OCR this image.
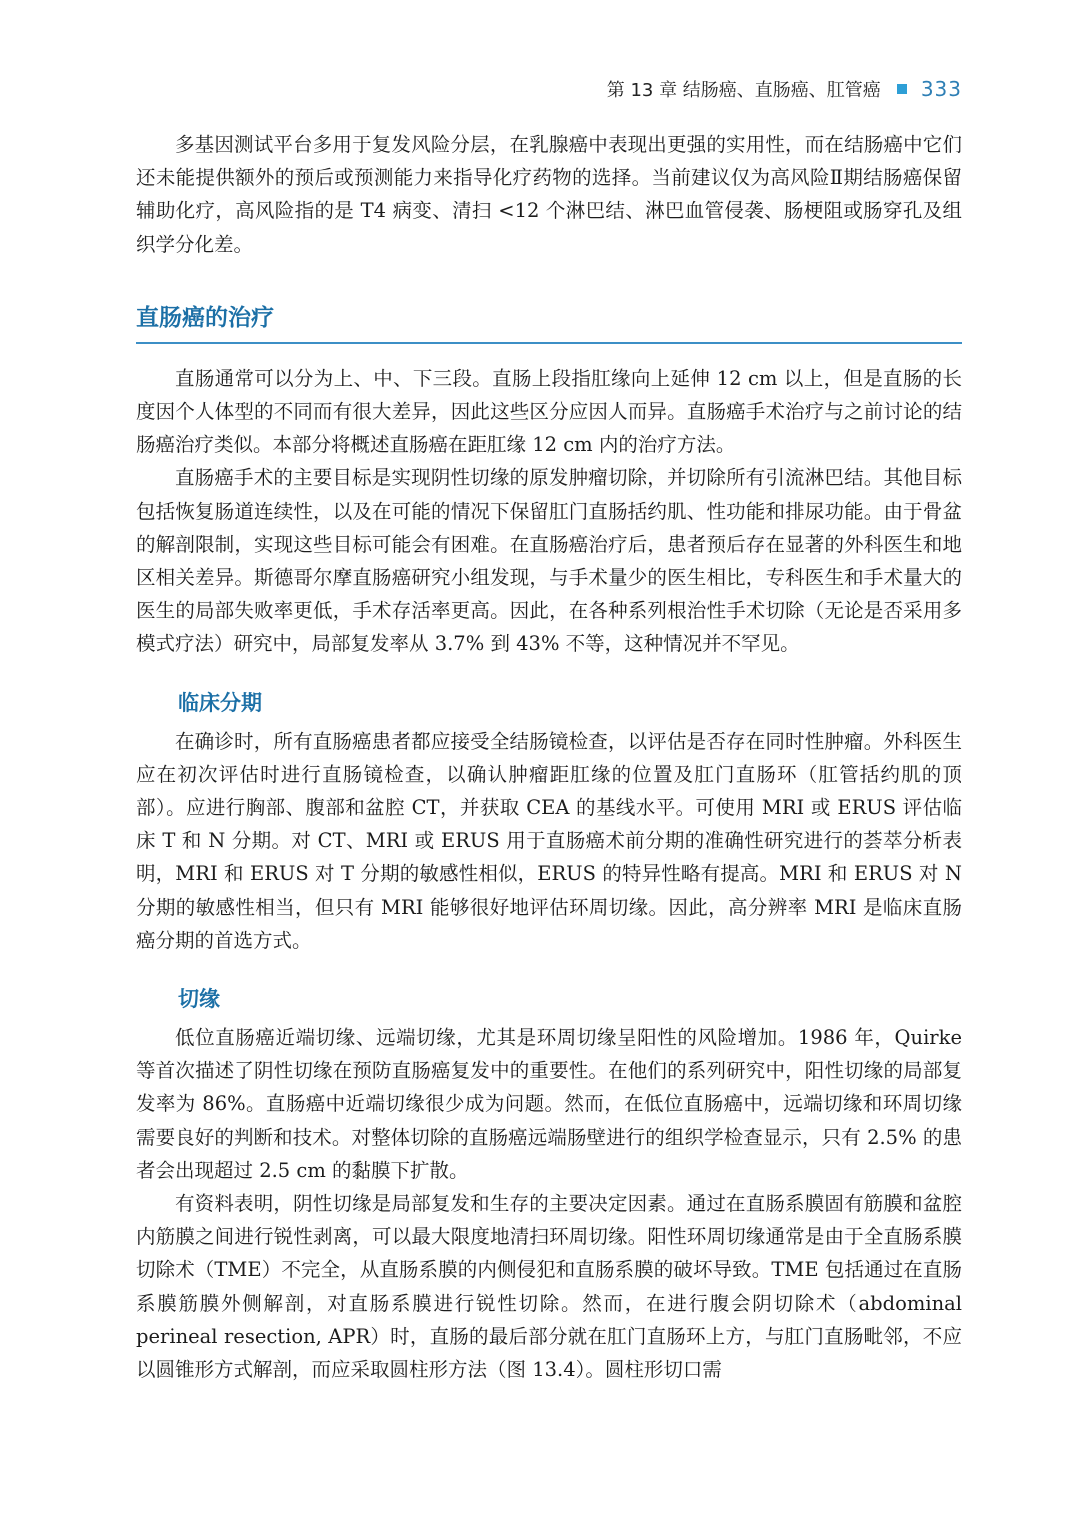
第 13 章 结肠癌、直肠癌、肛管癌 333

多基因测试平台多用于复发风险分层，在乳腺癌中表现出更强的实用性，而在结肠癌中它们还未能提供额外的预后或预测能力来指导化疗药物的选择。当前建议仅为高风险Ⅱ期结肠癌保留辅助化疗，高风险指的是 T4 病变、清扫 <12 个淋巴结、淋巴血管侵袭、肠梗阻或肠穿孔及组织学分化差。

直肠癌的治疗

直肠通常可以分为上、中、下三段。直肠上段指肛缘向上延伸 12 cm 以上，但是直肠的长度因个人体型的不同而有很大差异，因此这些区分应因人而异。直肠癌手术治疗与之前讨论的结肠癌治疗类似。本部分将概述直肠癌在距肛缘 12 cm 内的治疗方法。

直肠癌手术的主要目标是实现阴性切缘的原发肿瘤切除，并切除所有引流淋巴结。其他目标包括恢复肠道连续性，以及在可能的情况下保留肛门直肠括约肌、性功能和排尿功能。由于骨盆的解剖限制，实现这些目标可能会有困难。在直肠癌治疗后，患者预后存在显著的外科医生和地区相关差异。斯德哥尔摩直肠癌研究小组发现，与手术量少的医生相比，专科医生和手术量大的医生的局部失败率更低，手术存活率更高。因此，在各种系列根治性手术切除（无论是否采用多模式疗法）研究中，局部复发率从 3.7% 到 43% 不等，这种情况并不罕见。

临床分期

在确诊时，所有直肠癌患者都应接受全结肠镜检查，以评估是否存在同时性肿瘤。外科医生应在初次评估时进行直肠镜检查，以确认肿瘤距肛缘的位置及肛门直肠环（肛管括约肌的顶部）。应进行胸部、腹部和盆腔 CT，并获取 CEA 的基线水平。可使用 MRI 或 ERUS 评估临床 T 和 N 分期。对 CT、MRI 或 ERUS 用于直肠癌术前分期的准确性研究进行的荟萃分析表明，MRI 和 ERUS 对 T 分期的敏感性相似，ERUS 的特异性略有提高。MRI 和 ERUS 对 N 分期的敏感性相当，但只有 MRI 能够很好地评估环周切缘。因此，高分辨率 MRI 是临床直肠癌分期的首选方式。

切缘

低位直肠癌近端切缘、远端切缘，尤其是环周切缘呈阳性的风险增加。1986 年，Quirke 等首次描述了阴性切缘在预防直肠癌复发中的重要性。在他们的系列研究中，阳性切缘的局部复发率为 86%。直肠癌中近端切缘很少成为问题。然而，在低位直肠癌中，远端切缘和环周切缘需要良好的判断和技术。对整体切除的直肠癌远端肠壁进行的组织学检查显示，只有 2.5% 的患者会出现超过 2.5 cm 的黏膜下扩散。

有资料表明，阴性切缘是局部复发和生存的主要决定因素。通过在直肠系膜固有筋膜和盆腔内筋膜之间进行锐性剥离，可以最大限度地清扫环周切缘。阳性环周切缘通常是由于全直肠系膜切除术（TME）不完全，从直肠系膜的内侧侵犯和直肠系膜的破坏导致。TME 包括通过在直肠系膜筋膜外侧解剖，对直肠系膜进行锐性切除。然而，在进行腹会阴切除术（abdominal perineal resection, APR）时，直肠的最后部分就在肛门直肠环上方，与肛门直肠毗邻，不应以圆锥形方式解剖，而应采取圆柱形方法（图 13.4）。圆柱形切口需
